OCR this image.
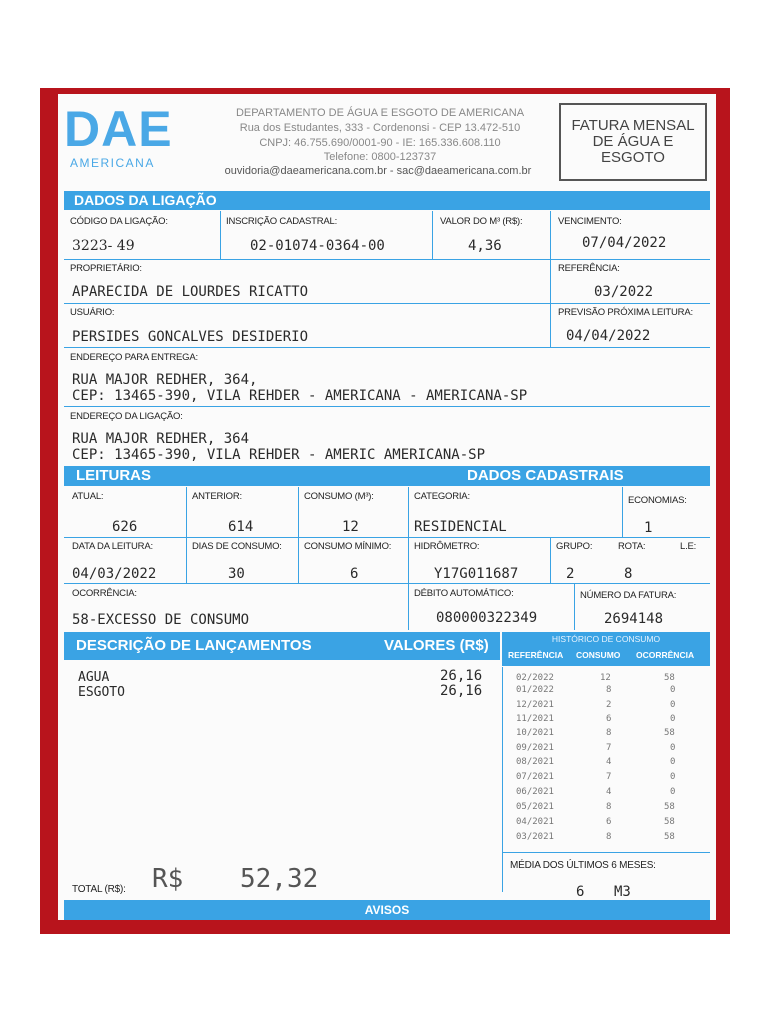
DAE
AMERICANA
DEPARTAMENTO DE ÁGUA E ESGOTO DE AMERICANA
Rua dos Estudantes, 333 - Cordenonsi - CEP 13.472-510
CNPJ: 46.755.690/0001-90 - IE: 165.336.608.110
Telefone: 0800-123737
ouvidoria@daeamericana.com.br - sac@daeamericana.com.br
FATURA MENSAL DE ÁGUA E ESGOTO
DADOS DA LIGAÇÃO
CÓDIGO DA LIGAÇÃO:
3223- 49
INSCRIÇÃO CADASTRAL:
02-01074-0364-00
VALOR DO M³ (R$):
4,36
VENCIMENTO:
07/04/2022
PROPRIETÁRIO:
APARECIDA DE LOURDES RICATTO
REFERÊNCIA:
03/2022
USUÁRIO:
PERSIDES GONCALVES DESIDERIO
PREVISÃO PRÓXIMA LEITURA:
04/04/2022
ENDEREÇO PARA ENTREGA:
RUA MAJOR REDHER, 364,
CEP: 13465-390, VILA REHDER - AMERICANA - AMERICANA-SP
ENDEREÇO DA LIGAÇÃO:
RUA MAJOR REDHER, 364
CEP: 13465-390, VILA REHDER - AMERIC AMERICANA-SP
LEITURAS	DADOS CADASTRAIS
ATUAL:
626
ANTERIOR:
614
CONSUMO (M³):
12
CATEGORIA:
RESIDENCIAL
ECONOMIAS:
1
DATA DA LEITURA:
04/03/2022
DIAS DE CONSUMO:
30
CONSUMO MÍNIMO:
6
HIDRÔMETRO:
Y17G011687
GRUPO:
2
ROTA:
8
L.E:
OCORRÊNCIA:
58-EXCESSO DE CONSUMO
DÉBITO AUTOMÁTICO:
080000322349
NÚMERO DA FATURA:
2694148
DESCRIÇÃO DE LANÇAMENTOS	VALORES (R$)	HISTÓRICO DE CONSUMO
REFERÊNCIA CONSUMO OCORRÊNCIA
AGUA	26,16
ESGOTO	26,16
02/2022	12	58
01/2022	8	0
12/2021	2	0
11/2021	6	0
10/2021	8	58
09/2021	7	0
08/2021	4	0
07/2021	7	0
06/2021	4	0
05/2021	8	58
04/2021	6	58
03/2021	8	58
MÉDIA DOS ÚLTIMOS 6 MESES:
6 M3
TOTAL (R$): R$ 52,32
AVISOS
